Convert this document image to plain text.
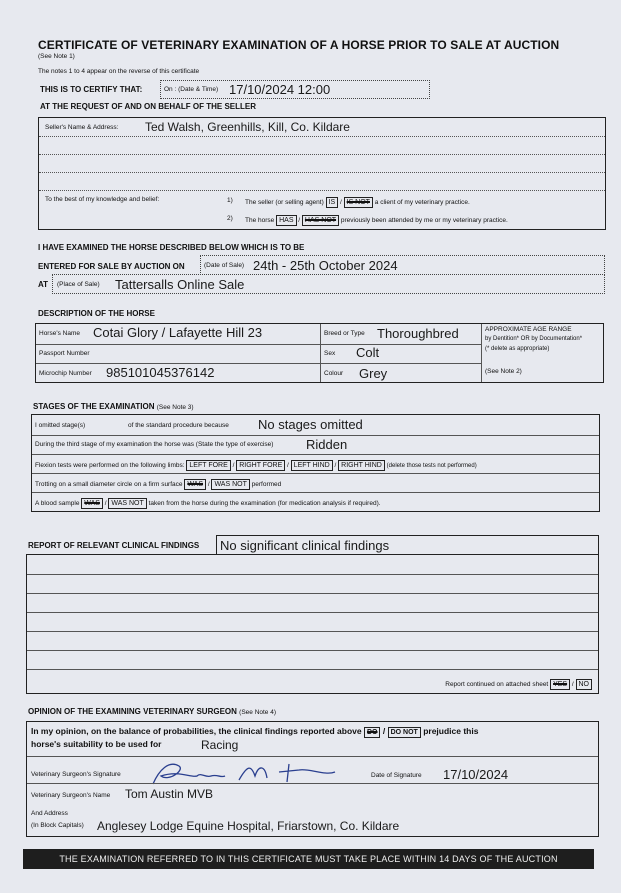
CERTIFICATE OF VETERINARY EXAMINATION OF A HORSE PRIOR TO SALE AT AUCTION
(See Note 1)
The notes 1 to 4 appear on the reverse of this certificate
THIS IS TO CERTIFY THAT:	On : (Date & Time) 17/10/2024 12:00
AT THE REQUEST OF AND ON BEHALF OF THE SELLER
Seller's Name & Address: Ted Walsh, Greenhills, Kill, Co. Kildare
To the best of my knowledge and belief:	1) The seller (or selling agent) IS / IS NOT a client of my veterinary practice.
2) The horse HAS / HAS NOT previously been attended by me or my veterinary practice.
I HAVE EXAMINED THE HORSE DESCRIBED BELOW WHICH IS TO BE
ENTERED FOR SALE BY AUCTION ON	(Date of Sale) 24th - 25th October 2024
AT (Place of Sale) Tattersalls Online Sale
DESCRIPTION OF THE HORSE
Horse's Name Cotai Glory / Lafayette Hill 23	Breed or Type Thoroughbred	APPROXIMATE AGE RANGE
by Dentition* OR by Documentation*
(* delete as appropriate)
Passport Number	Sex Colt
Microchip Number 985101045376142	Colour Grey	(See Note 2)
STAGES OF THE EXAMINATION (See Note 3)
I omitted stage(s)	of the standard procedure because No stages omitted
During the third stage of my examination the horse was (State the type of exercise)	Ridden
Flexion tests were performed on the following limbs: LEFT FORE / RIGHT FORE / LEFT HIND / RIGHT HIND (delete those tests not performed)
Trotting on a small diameter circle on a firm surface WAS / WAS NOT performed
A blood sample WAS / WAS NOT taken from the horse during the examination (for medication analysis if required).
REPORT OF RELEVANT CLINICAL FINDINGS No significant clinical findings
Report continued on attached sheet YES / NO
OPINION OF THE EXAMINING VETERINARY SURGEON (See Note 4)
In my opinion, on the balance of probabilities, the clinical findings reported above DO / DO NOT prejudice this
horse's suitability to be used for	Racing
Veterinary Surgeon's Signature	Date of Signature 17/10/2024
Veterinary Surgeon's Name Tom Austin MVB
And Address
(In Block Capitals) Anglesey Lodge Equine Hospital, Friarstown, Co. Kildare
THE EXAMINATION REFERRED TO IN THIS CERTIFICATE MUST TAKE PLACE WITHIN 14 DAYS OF THE AUCTION
